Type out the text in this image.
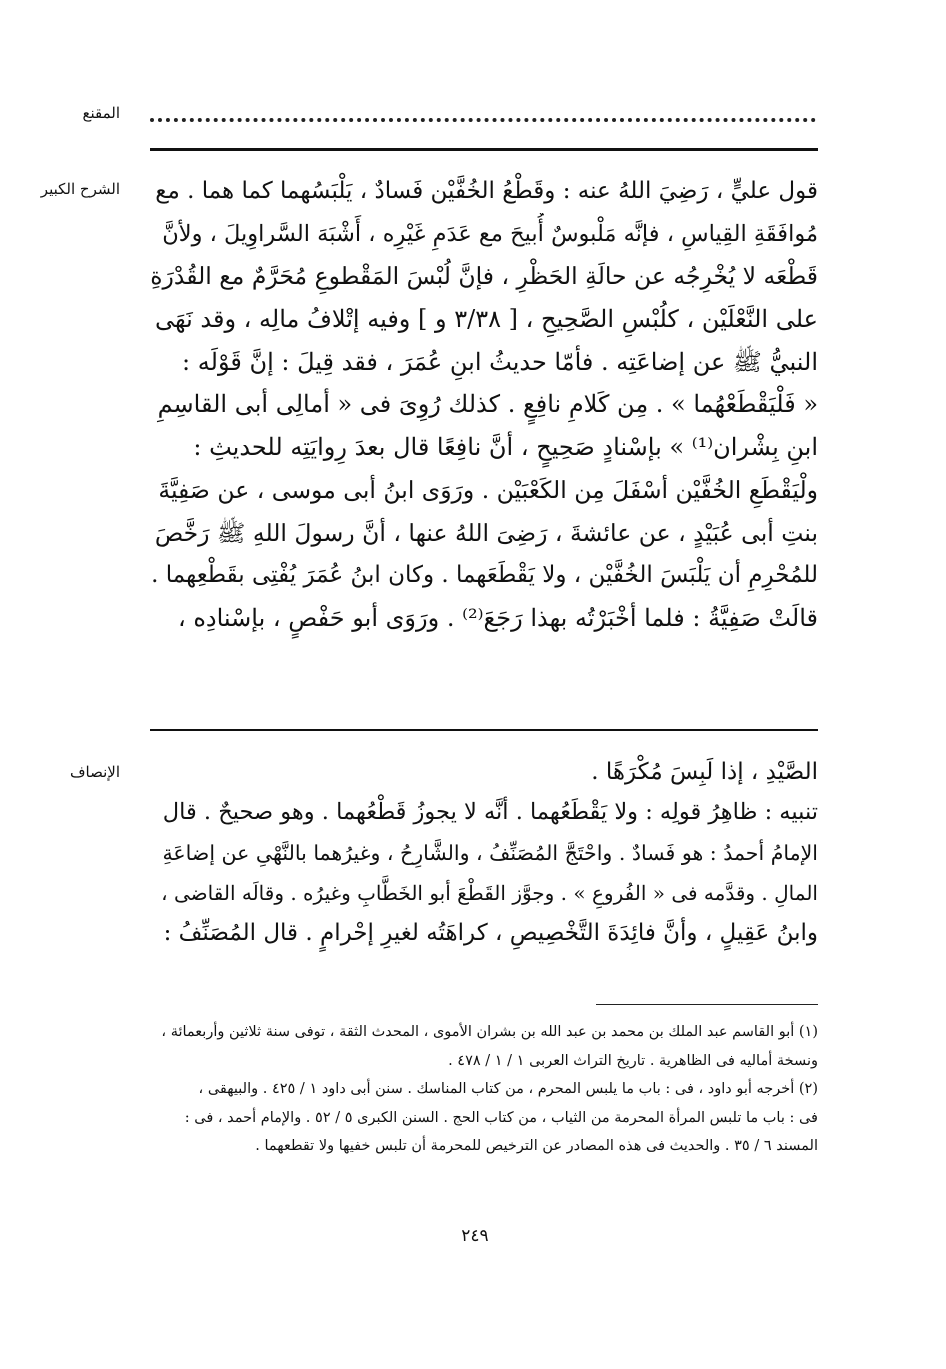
المقنع
الشرح الكبير قول عليٍّ ، رَضِيَ اللهُ عنه : وقَطْعُ الخُفَّيْن فَسادٌ ، يَلْبَسُهما كما هما . مع
مُوافَقَةِ القِياسِ ، فإنَّه مَلْبوسٌ أُبيحَ مع عَدَمِ غَيْرِه ، أَشْبَهَ السَّراوِيلَ ، ولأنَّ
قَطْعَه لا يُخْرِجُه عن حالَةِ الحَظْرِ ، فإنَّ لُبْسَ المَقْطوعِ مُحَرَّمٌ مع القُدْرَةِ
على النَّعْلَيْن ، كلُبْسِ الصَّحِيحِ ، [ ٣/٣٨ و ] وفيه إتْلافُ مالِه ، وقد نَهَى
النبيُّ ﷺ عن إضاعَتِه . فأمّا حديثُ ابنِ عُمَرَ ، فقد قِيلَ : إنَّ قَوْلَه :
« فَلْيَقْطَعْهُما » . مِن كَلامِ نافِعٍ . كذلك رُوِىَ فى « أمالِى أبى القاسِمِ
ابنِ بِشْران⁽¹⁾ » بإسْنادٍ صَحِيحٍ ، أنَّ نافِعًا قال بعدَ رِوايَتِه للحديثِ :
ولْيَقْطَعِ الخُفَّيْن أسْفَلَ مِن الكَعْبَيْن . ورَوَى ابنُ أبى موسى ، عن صَفِيَّةَ
بنتِ أبى عُبَيْدٍ ، عن عائشةَ ، رَضِىَ اللهُ عنها ، أنَّ رسولَ اللهِ ﷺ رَخَّصَ
للمُحْرِمِ أن يَلْبَسَ الخُفَّيْن ، ولا يَقْطَعَهما . وكان ابنُ عُمَرَ يُفْتِى بقَطْعِهما .
قالَتْ صَفِيَّةُ : فلما أخْبَرْتُه بهذا رَجَعَ⁽²⁾ . ورَوَى أبو حَفْصٍ ، بإسْنادِه ،
الإنصاف	الصَّيْدِ ، إذا لَبِسَ مُكْرَهًا .
تنبيه : ظاهِرُ قولِه : ولا يَقْطَعُهما . أنَّه لا يجوزُ قَطْعُهما . وهو صحيحٌ . قال
الإمامُ أحمدُ : هو فَسادٌ . واحْتَجَّ المُصَنِّفُ ، والشَّارِحُ ، وغيرُهما بالنَّهْىِ عن إضاعَةِ
المالِ . وقدَّمه فى « الفُروعِ » . وجوَّز القَطْعَ أبو الخَطَّابِ وغيرُه . وقالَه القاضى ،
وابنُ عَقِيلٍ ، وأنَّ فائِدَةَ التَّخْصِيصِ ، كراهَتُه لغيرِ إحْرامٍ . قال المُصَنِّفُ :
(١) أبو القاسم عبد الملك بن محمد بن عبد الله بن بشران الأموى ، المحدث الثقة ، توفى سنة ثلاثين وأربعمائة ،
ونسخة أماليه فى الظاهرية . تاريخ التراث العربى ١ / ١ / ٤٧٨ .
(٢) أخرجه أبو داود ، فى : باب ما يلبس المحرم ، من كتاب المناسك . سنن أبى داود ١ / ٤٢٥ . والبيهقى ،
فى : باب ما تلبس المرأة المحرمة من الثياب ، من كتاب الحج . السنن الكبرى ٥ / ٥٢ . والإمام أحمد ، فى :
المسند ٦ / ٣٥ . والحديث فى هذه المصادر عن الترخيص للمحرمة أن تلبس خفيها ولا تقطعهما .
٢٤٩
